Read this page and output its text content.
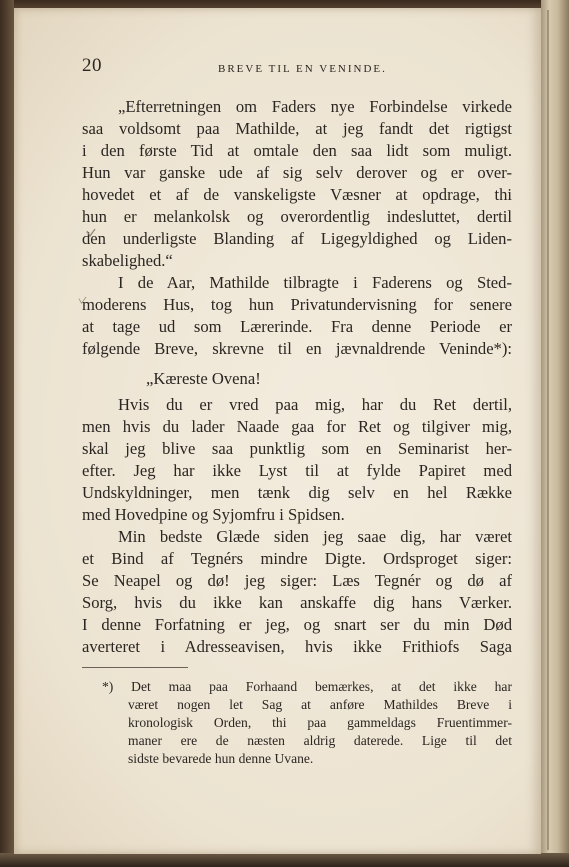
20	BREVE TIL EN VENINDE.
„Efterretningen om Faders nye Forbindelse virkede
saa voldsomt paa Mathilde, at jeg fandt det rigtigst
i den første Tid at omtale den saa lidt som muligt.
Hun var ganske ude af sig selv derover og er over-
hovedet et af de vanskeligste Væsner at opdrage, thi
hun er melankolsk og overordentlig indesluttet, dertil
den underligste Blanding af Ligegyldighed og Liden-
skabelighed.“
I de Aar, Mathilde tilbragte i Faderens og Sted-
moderens Hus, tog hun Privatundervisning for senere
at tage ud som Lærerinde. Fra denne Periode er
følgende Breve, skrevne til en jævnaldrende Veninde*):
„Kæreste Ovena!
Hvis du er vred paa mig, har du Ret dertil,
men hvis du lader Naade gaa for Ret og tilgiver mig,
skal jeg blive saa punktlig som en Seminarist her-
efter. Jeg har ikke Lyst til at fylde Papiret med
Undskyldninger, men tænk dig selv en hel Række
med Hovedpine og Syjomfru i Spidsen.
Min bedste Glæde siden jeg saae dig, har været
et Bind af Tegnérs mindre Digte. Ordsproget siger:
Se Neapel og dø! jeg siger: Læs Tegnér og dø af
Sorg, hvis du ikke kan anskaffe dig hans Værker.
I denne Forfatning er jeg, og snart ser du min Død
averteret i Adresseavisen, hvis ikke Frithiofs Saga
*) Det maa paa Forhaand bemærkes, at det ikke har
været nogen let Sag at anføre Mathildes Breve i
kronologisk Orden, thi paa gammeldags Fruentimmer-
maner ere de næsten aldrig daterede. Lige til det
sidste bevarede hun denne Uvane.
